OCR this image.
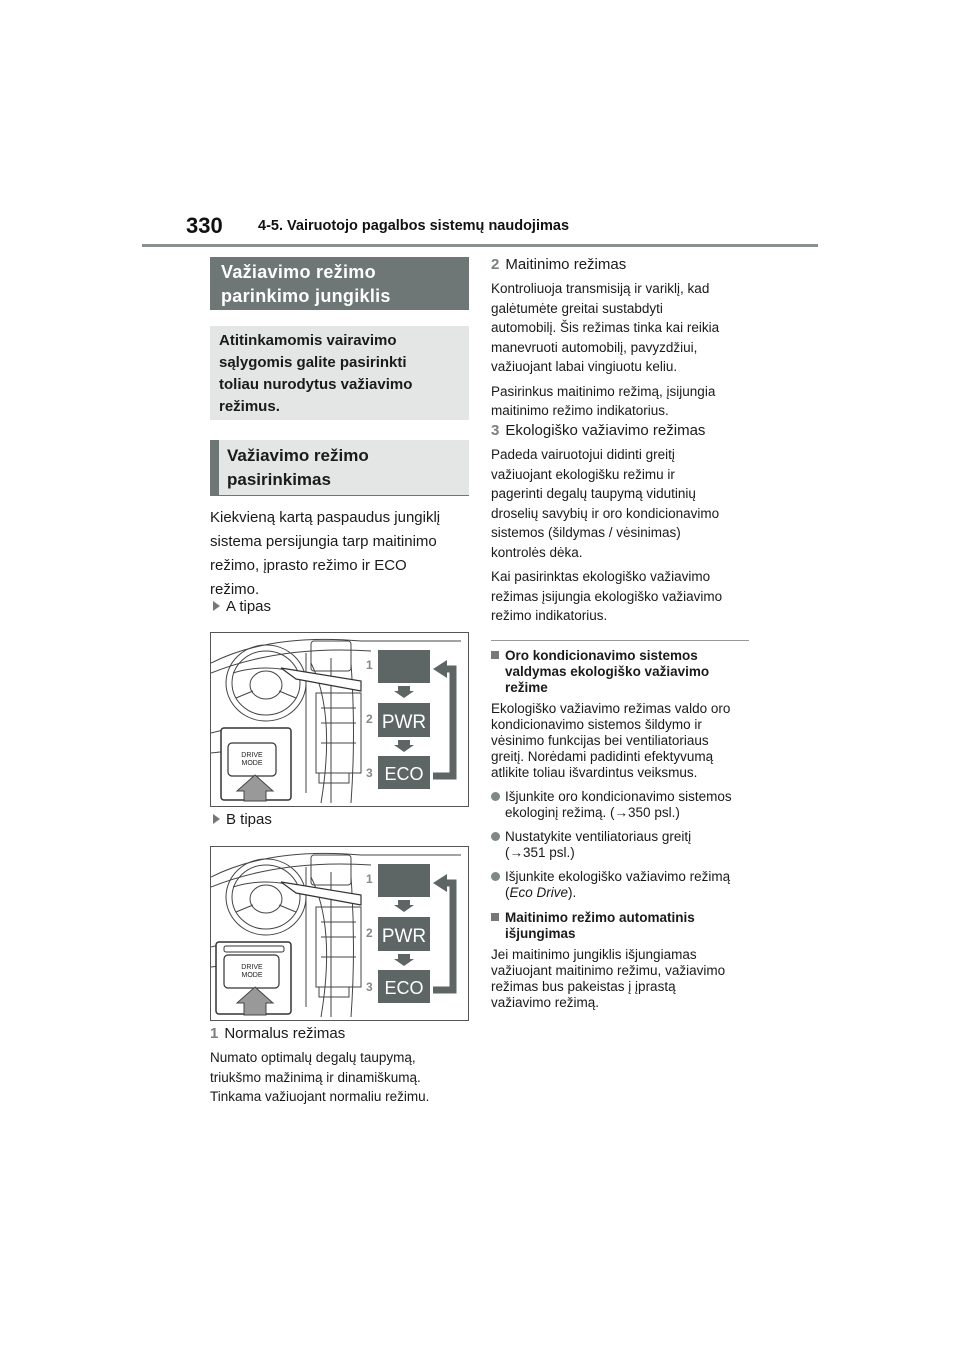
330 4-5. Vairuotojo pagalbos sistemų naudojimas
Važiavimo režimo
parinkimo jungiklis
Atitinkamomis vairavimo
sąlygomis galite pasirinkti
toliau nurodytus važiavimo
režimus.
Važiavimo režimo
pasirinkimas
Kiekvieną kartą paspaudus jungiklį
sistema persijungia tarp maitinimo
režimo, įprasto režimo ir ECO
režimo.
A tipas
DRIVE
MODE
1
2 PWR
3 ECO
B tipas
DRIVE
MODE
1
2 PWR
3 ECO
1 Normalus režimas
Numato optimalų degalų taupymą,
triukšmo mažinimą ir dinamiškumą.
Tinkama važiuojant normaliu režimu.
2 Maitinimo režimas
Kontroliuoja transmisiją ir variklį, kad
galėtumėte greitai sustabdyti
automobilį. Šis režimas tinka kai reikia
manevruoti automobilį, pavyzdžiui,
važiuojant labai vingiuotu keliu.
Pasirinkus maitinimo režimą, įsijungia
maitinimo režimo indikatorius.
3 Ekologiško važiavimo režimas
Padeda vairuotojui didinti greitį
važiuojant ekologišku režimu ir
pagerinti degalų taupymą vidutinių
droselių savybių ir oro kondicionavimo
sistemos (šildymas / vėsinimas)
kontrolės dėka.
Kai pasirinktas ekologiško važiavimo
režimas įsijungia ekologiško važiavimo
režimo indikatorius.
Oro kondicionavimo sistemos
valdymas ekologiško važiavimo
režime
Ekologiško važiavimo režimas valdo oro
kondicionavimo sistemos šildymo ir
vėsinimo funkcijas bei ventiliatoriaus
greitį. Norėdami padidinti efektyvumą
atlikite toliau išvardintus veiksmus.
Išjunkite oro kondicionavimo sistemos
ekologinį režimą. (→350 psl.)
Nustatykite ventiliatoriaus greitį
(→351 psl.)
Išjunkite ekologiško važiavimo režimą
(Eco Drive).
Maitinimo režimo automatinis
išjungimas
Jei maitinimo jungiklis išjungiamas
važiuojant maitinimo režimu, važiavimo
režimas bus pakeistas į įprastą
važiavimo režimą.
